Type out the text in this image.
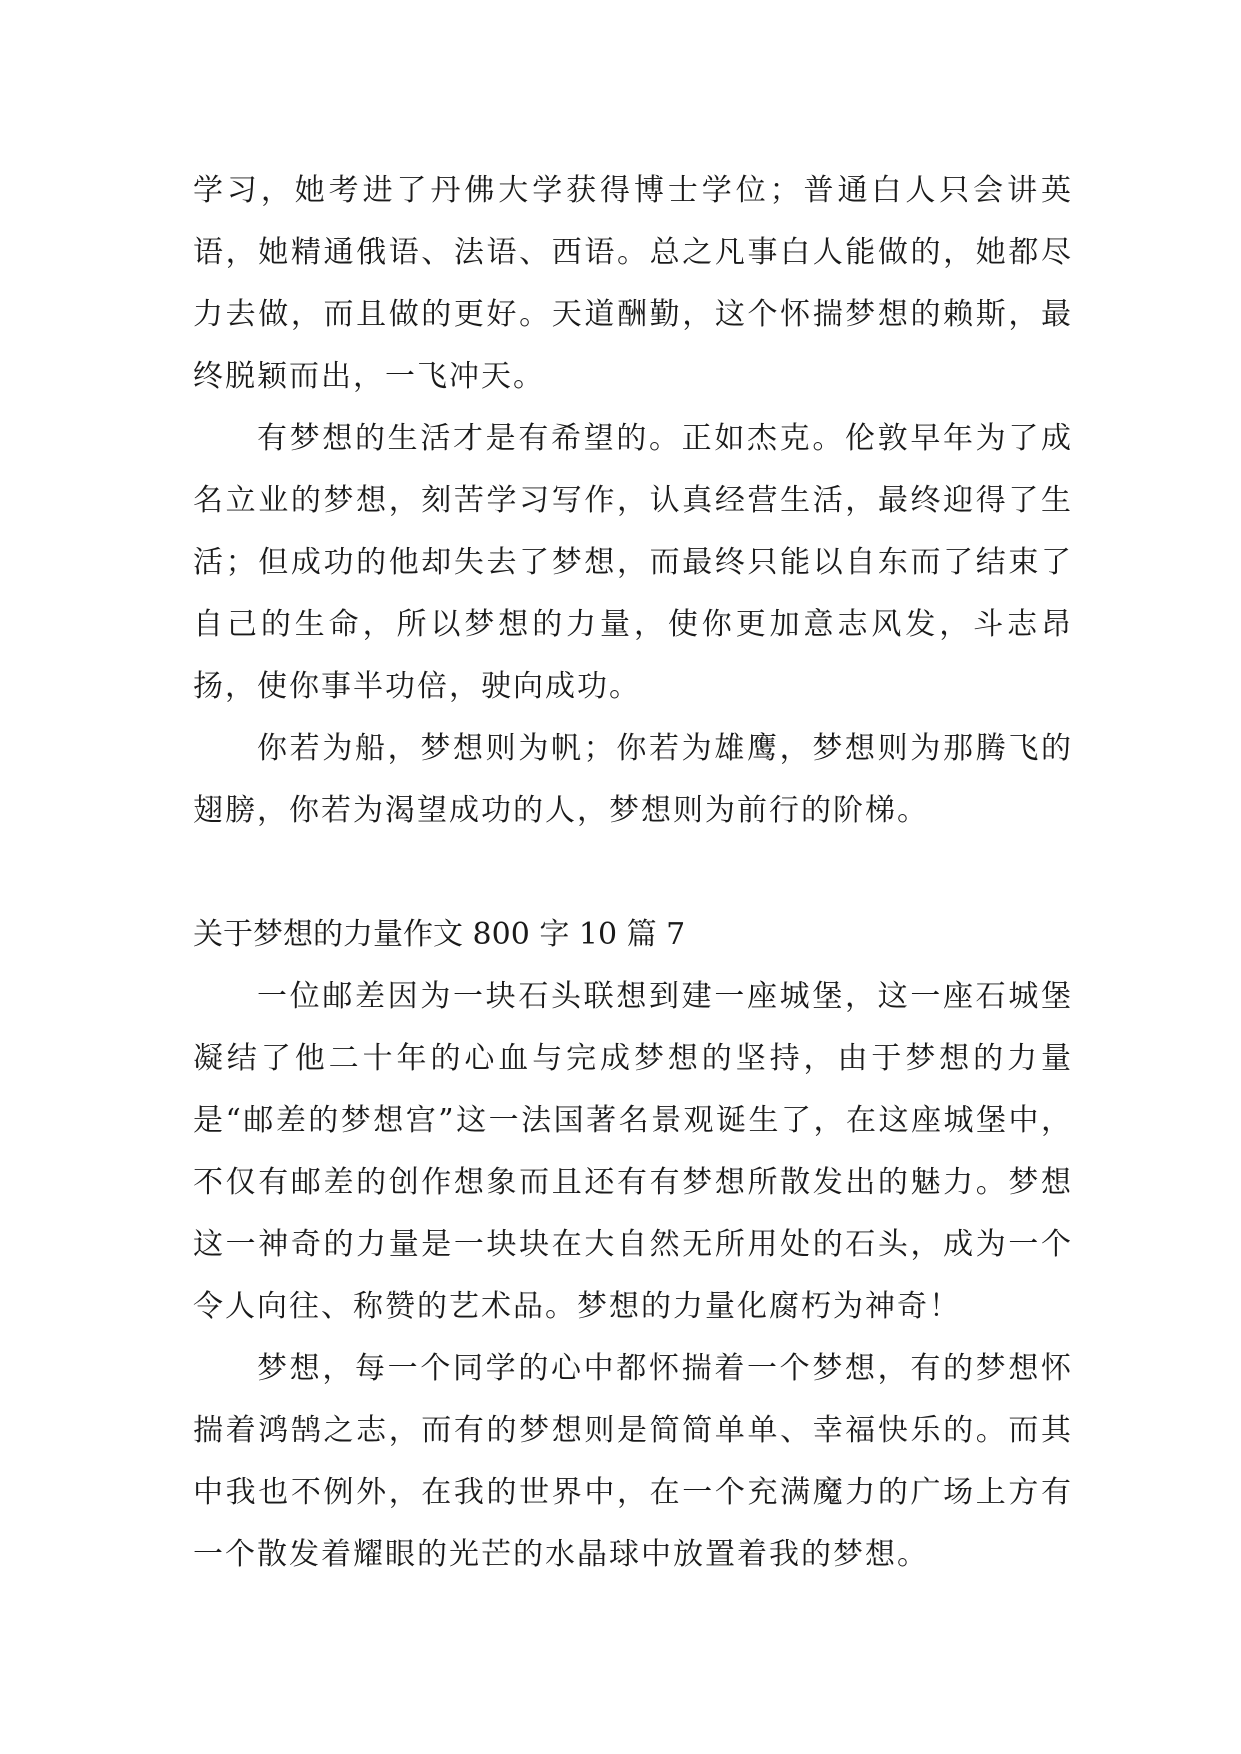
学习，她考进了丹佛大学获得博士学位；普通白人只会讲英语，她精通俄语、法语、西语。总之凡事白人能做的，她都尽力去做，而且做的更好。天道酬勤，这个怀揣梦想的赖斯，最终脱颖而出，一飞冲天。

有梦想的生活才是有希望的。正如杰克。伦敦早年为了成名立业的梦想，刻苦学习写作，认真经营生活，最终迎得了生活；但成功的他却失去了梦想，而最终只能以自东而了结束了自己的生命，所以梦想的力量，使你更加意志风发，斗志昂扬，使你事半功倍，驶向成功。

你若为船，梦想则为帆；你若为雄鹰，梦想则为那腾飞的翅膀，你若为渴望成功的人，梦想则为前行的阶梯。

关于梦想的力量作文 800 字 10 篇 7

一位邮差因为一块石头联想到建一座城堡，这一座石城堡凝结了他二十年的心血与完成梦想的坚持，由于梦想的力量是“邮差的梦想宫”这一法国著名景观诞生了，在这座城堡中，不仅有邮差的创作想象而且还有有梦想所散发出的魅力。梦想这一神奇的力量是一块块在大自然无所用处的石头，成为一个令人向往、称赞的艺术品。梦想的力量化腐朽为神奇！

梦想，每一个同学的心中都怀揣着一个梦想，有的梦想怀揣着鸿鹄之志，而有的梦想则是简简单单、幸福快乐的。而其中我也不例外，在我的世界中，在一个充满魔力的广场上方有一个散发着耀眼的光芒的水晶球中放置着我的梦想。
